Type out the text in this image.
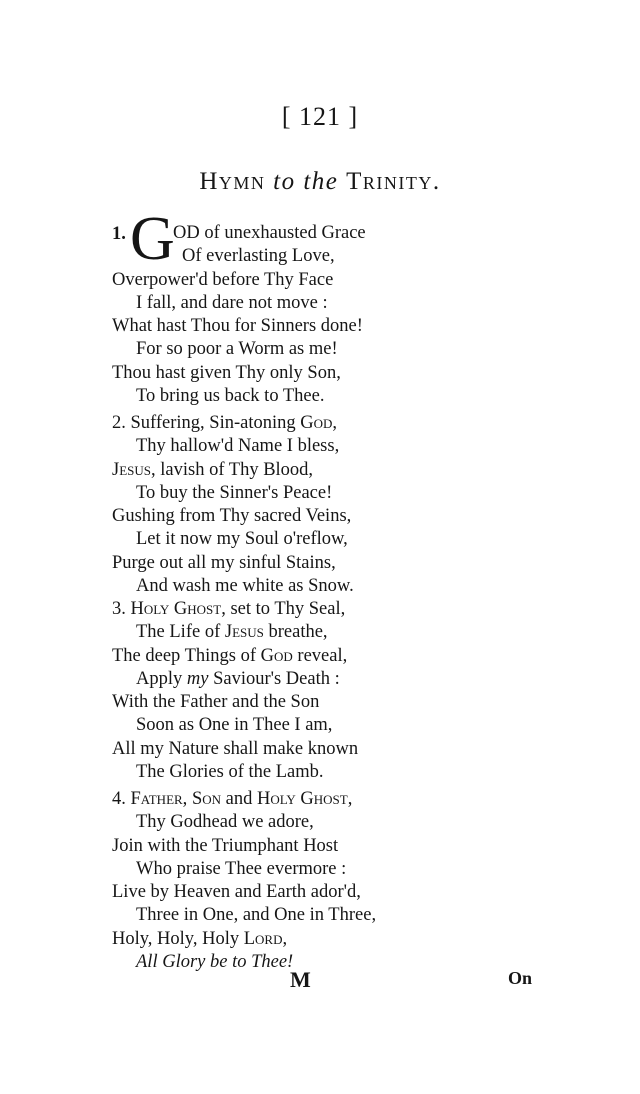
[ 121 ]
Hymn to the Trinity.
1. G
OD of unexhausted Grace
Of everlasting Love,
Overpower'd before Thy Face
I fall, and dare not move :
What hast Thou for Sinners done!
For so poor a Worm as me!
Thou hast given Thy only Son,
To bring us back to Thee.
2. Suffering, Sin-atoning God,
Thy hallow'd Name I bless,
Jesus, lavish of Thy Blood,
To buy the Sinner's Peace!
Gushing from Thy sacred Veins,
Let it now my Soul o'reflow,
Purge out all my sinful Stains,
And wash me white as Snow.
3. Holy Ghost, set to Thy Seal,
The Life of Jesus breathe,
The deep Things of God reveal,
Apply my Saviour's Death :
With the Father and the Son
Soon as One in Thee I am,
All my Nature shall make known
The Glories of the Lamb.
4. Father, Son and Holy Ghost,
Thy Godhead we adore,
Join with the Triumphant Host
Who praise Thee evermore :
Live by Heaven and Earth ador'd,
Three in One, and One in Three,
Holy, Holy, Holy Lord,
All Glory be to Thee!
M	On
